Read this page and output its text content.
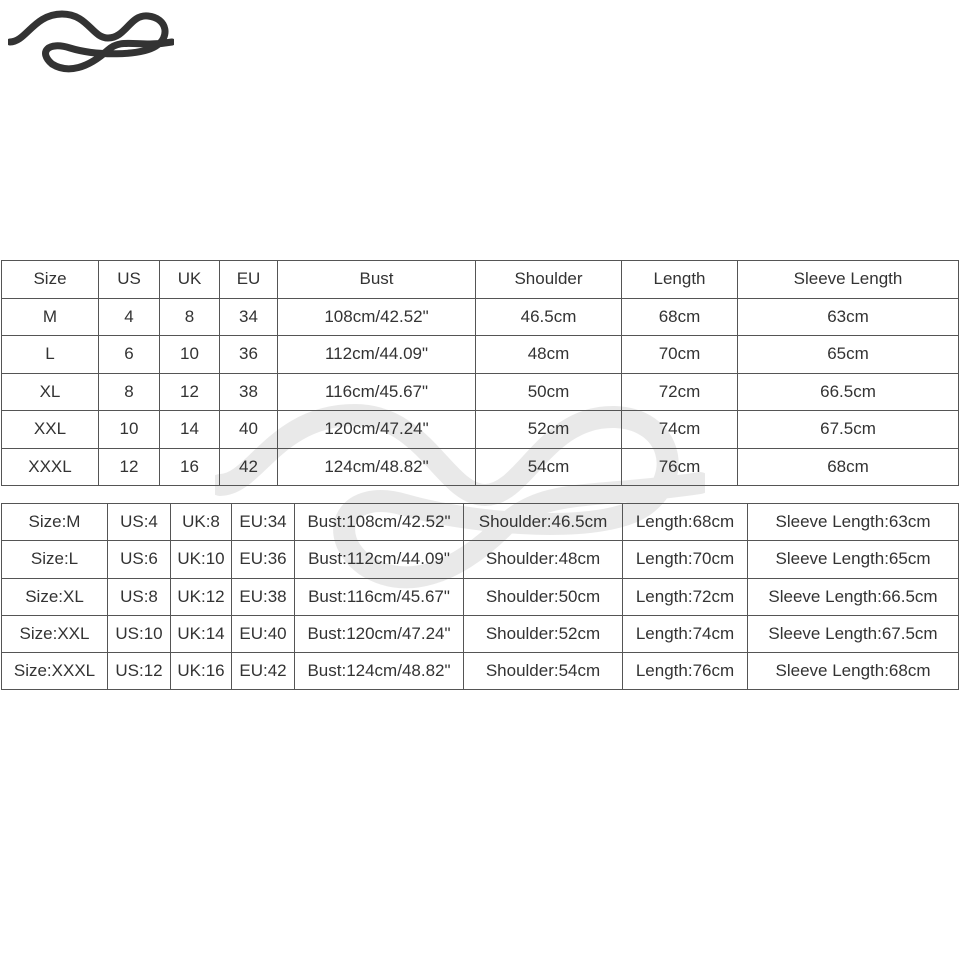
Size	US	UK	EU	Bust	Shoulder	Length	Sleeve Length
M	4	8	34	108cm/42.52"	46.5cm	68cm	63cm
L	6	10	36	112cm/44.09"	48cm	70cm	65cm
XL	8	12	38	116cm/45.67"	50cm	72cm	66.5cm
XXL	10	14	40	120cm/47.24"	52cm	74cm	67.5cm
XXXL	12	16	42	124cm/48.82"	54cm	76cm	68cm
Size:M	US:4	UK:8	EU:34	Bust:108cm/42.52"	Shoulder:46.5cm	Length:68cm	Sleeve Length:63cm
Size:L	US:6	UK:10	EU:36	Bust:112cm/44.09"	Shoulder:48cm	Length:70cm	Sleeve Length:65cm
Size:XL	US:8	UK:12	EU:38	Bust:116cm/45.67"	Shoulder:50cm	Length:72cm	Sleeve Length:66.5cm
Size:XXL	US:10	UK:14	EU:40	Bust:120cm/47.24"	Shoulder:52cm	Length:74cm	Sleeve Length:67.5cm
Size:XXXL	US:12	UK:16	EU:42	Bust:124cm/48.82"	Shoulder:54cm	Length:76cm	Sleeve Length:68cm
